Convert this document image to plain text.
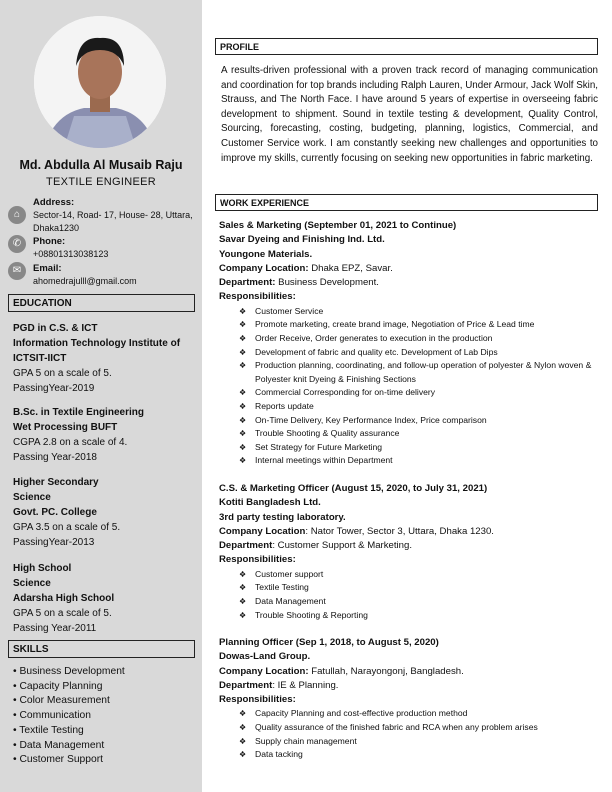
Md. Abdulla Al Musaib Raju
TEXTILE ENGINEER
⌂
Address:
Sector-14, Road- 17, House- 28, Uttara, Dhaka1230
✆	Phone:
+08801313038123
✉	Email:
ahomedrajulll@gmail.com
EDUCATION
PGD in C.S. & ICT
Information Technology Institute of ICTSIT-IICT
GPA 5 on a scale of 5.
PassingYear-2019
B.Sc. in Textile Engineering
Wet Processing BUFT
CGPA 2.8 on a scale of 4.
Passing Year-2018
Higher Secondary
Science
Govt. PC. College
GPA 3.5 on a scale of 5.
PassingYear-2013
High School
Science
Adarsha High School
GPA 5 on a scale of 5.
Passing Year-2011
SKILLS
• Business Development
• Capacity Planning
• Color Measurement
• Communication
• Textile Testing
• Data Management
• Customer Support
PROFILE
A results-driven professional with a proven track record of managing communication and coordination for top brands including Ralph Lauren, Under Armour, Jack Wolf Skin, Strauss, and The North Face. I have around 5 years of expertise in overseeing fabric development to shipment. Sound in textile testing & development, Quality Control, Sourcing, forecasting, costing, budgeting, planning, logistics, Commercial, and Customer Service work. I am constantly seeking new challenges and opportunities to improve my skills, currently focusing on seeking new opportunities in fabric marketing.
WORK EXPERIENCE
Sales & Marketing (September 01, 2021 to Continue)
Savar Dyeing and Finishing Ind. Ltd.
Youngone Materials.
Company Location: Dhaka EPZ, Savar.
Department: Business Development.
Responsibilities:
❖ Customer Service
❖ Promote marketing, create brand image, Negotiation of Price & Lead time
❖ Order Receive, Order generates to execution in the production
❖ Development of fabric and quality etc. Development of Lab Dips
❖ Production planning, coordinating, and follow-up operation of polyester & Nylon woven & Polyester knit Dyeing & Finishing Sections
❖ Commercial Corresponding for on-time delivery
❖ Reports update
❖ On-Time Delivery, Key Performance Index, Price comparison
❖ Trouble Shooting & Quality assurance
❖ Set Strategy for Future Marketing
❖ Internal meetings within Department
C.S. & Marketing Officer (August 15, 2020, to July 31, 2021)
Kotiti Bangladesh Ltd.
3rd party testing laboratory.
Company Location: Nator Tower, Sector 3, Uttara, Dhaka 1230.
Department: Customer Support & Marketing.
Responsibilities:
❖ Customer support
❖ Textile Testing
❖ Data Management
❖ Trouble Shooting & Reporting
Planning Officer (Sep 1, 2018, to August 5, 2020)
Dowas-Land Group.
Company Location: Fatullah, Narayongonj, Bangladesh.
Department: IE & Planning.
Responsibilities:
❖ Capacity Planning and cost-effective production method
❖ Quality assurance of the finished fabric and RCA when any problem arises
❖ Supply chain management
❖ Data tacking
